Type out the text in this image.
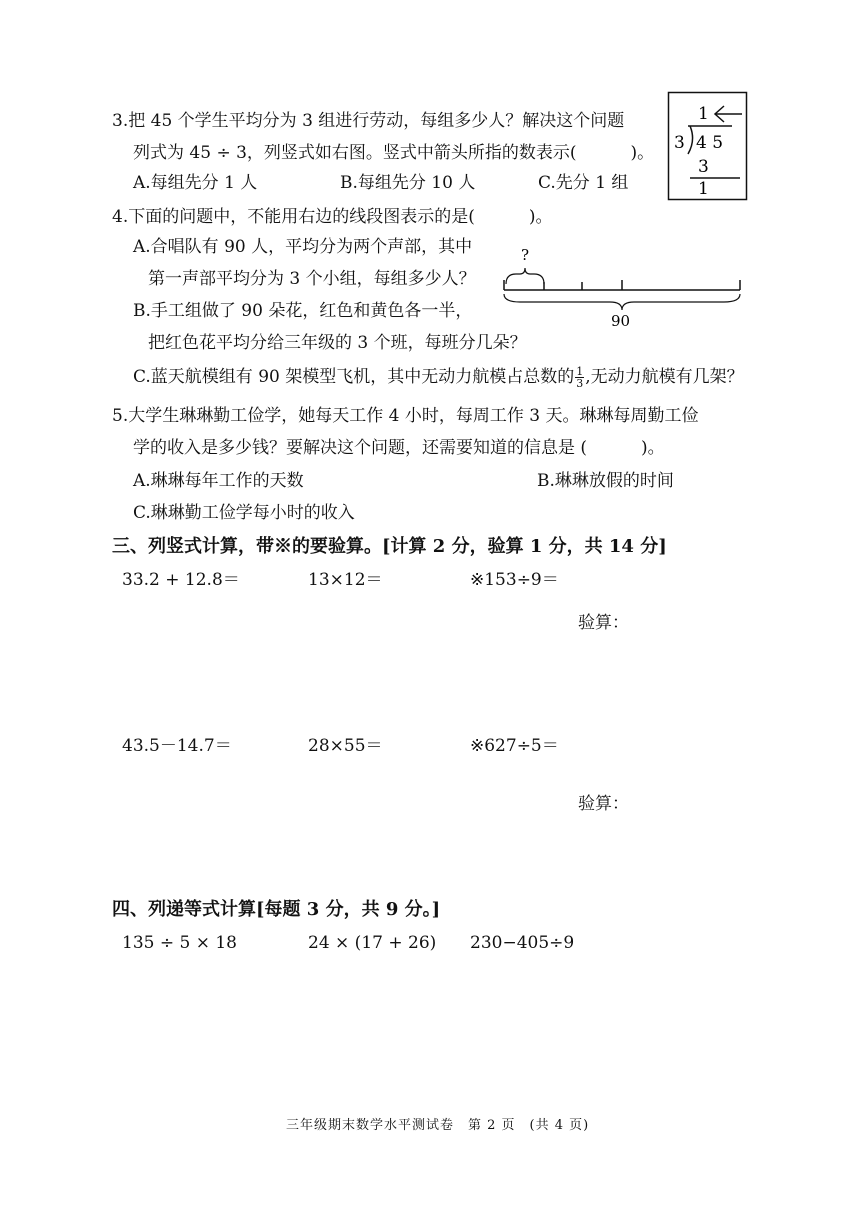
3.把 45 个学生平均分为 3 组进行劳动，每组多少人？解决这个问题
列式为 45 ÷ 3，列竖式如右图。竖式中箭头所指的数表示(	)。
A.每组先分 1 人	B.每组先分 10 人	C.先分 1 组
1
3 4 5
3
1
4.下面的问题中，不能用右边的线段图表示的是(	)。
A.合唱队有 90 人，平均分为两个声部，其中
第一声部平均分为 3 个小组，每组多少人？
B.手工组做了 90 朵花，红色和黄色各一半，
把红色花平均分给三年级的 3 个班，每班分几朵？
C.蓝天航模组有 90 架模型飞机，其中无动力航模占总数的 $\frac{1}{3}$ ,无动力航模有几架？
?
90
5.大学生琳琳勤工俭学，她每天工作 4 小时，每周工作 3 天。琳琳每周勤工俭
学的收入是多少钱？要解决这个问题，还需要知道的信息是 (	)。
A.琳琳每年工作的天数	B.琳琳放假的时间
C.琳琳勤工俭学每小时的收入
三、列竖式计算，带※的要验算。[计算 2 分，验算 1 分，共 14 分]
33.2 + 12.8＝	13×12＝	※153÷9＝
验算：
43.5－14.7＝	28×55＝	※627÷5＝
验算：
四、列递等式计算[每题 3 分，共 9 分。]
135 ÷ 5 × 18	24 × (17 + 26) 230−405÷9
三年级期末数学水平测试卷　第 2 页　(共 4 页)
